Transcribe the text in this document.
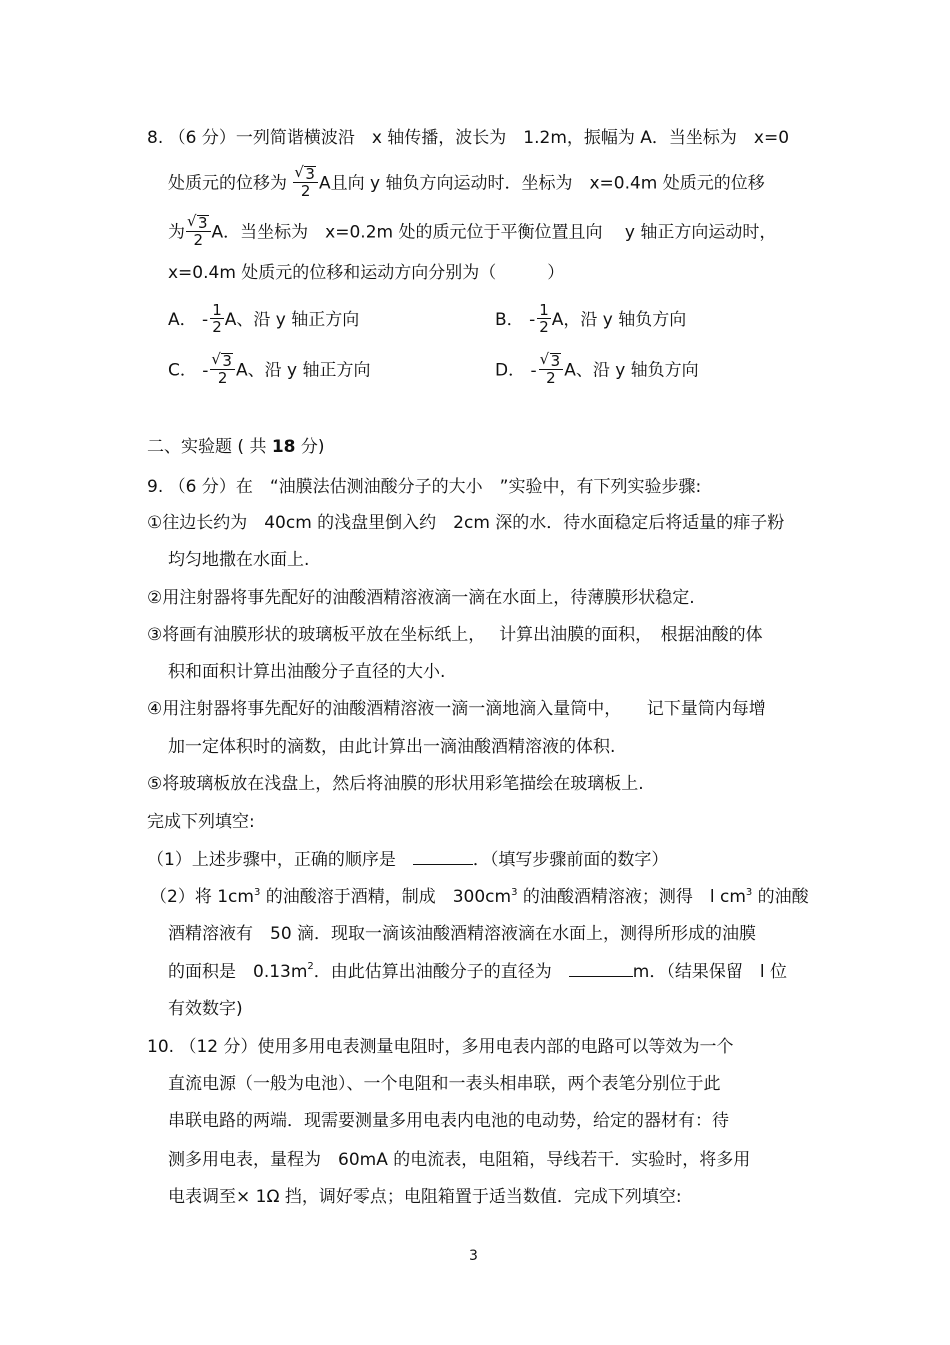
8. （6 分）一列简谐横波沿　x 轴传播，波长为　1.2m，振幅为 A．当坐标为　x=0
处质元的位移为 √ $\frac{3}{2}$ A且向 y 轴负方向运动时．坐标为　x=0.4m 处质元的位移
为 √ $\frac{3}{2}$ A．当坐标为　x=0.2m 处的质元位于平衡位置且向　 y 轴正方向运动时，
x=0.4m 处质元的位移和运动方向分别为（　　　）
A． - $\frac{1}{2}$ A、沿 y 轴正方向	B． - $\frac{1}{2}$ A，沿 y 轴负方向
C． - √ $\frac{3}{2}$ A、沿 y 轴正方向	D． - √ $\frac{3}{2}$ A、沿 y 轴负方向
二、实验题 ( 共 18 分)
9. （6 分）在　“油膜法估测油酸分子的大小　”实验中，有下列实验步骤:
①往边长约为　40cm 的浅盘里倒入约　2cm 深的水．待水面稳定后将适量的痱子粉
均匀地撒在水面上.
②用注射器将事先配好的油酸酒精溶液滴一滴在水面上，待薄膜形状稳定.
③将画有油膜形状的玻璃板平放在坐标纸上，　 计算出油膜的面积，　根据油酸的体
积和面积计算出油酸分子直径的大小.
④用注射器将事先配好的油酸酒精溶液一滴一滴地滴入量筒中，　　记下量筒内每增
加一定体积时的滴数，由此计算出一滴油酸酒精溶液的体积.
⑤将玻璃板放在浅盘上，然后将油膜的形状用彩笔描绘在玻璃板上.
完成下列填空:
（1）上述步骤中，正确的顺序是　	．（填写步骤前面的数字）
（2）将 $1cm^3$ 的油酸溶于酒精，制成　$300cm^3$ 的油酸酒精溶液；测得　l $cm^3$ 的油酸
酒精溶液有　50 滴．现取一滴该油酸酒精溶液滴在水面上，测得所形成的油膜
的面积是　$0.13m^2$．由此估算出油酸分子的直径为　	m．（结果保留　l 位
有效数字)
10. （12 分）使用多用电表测量电阻时，多用电表内部的电路可以等效为一个
直流电源（一般为电池）、一个电阻和一表头相串联，两个表笔分别位于此
串联电路的两端．现需要测量多用电表内电池的电动势，给定的器材有：待
测多用电表，量程为　60mA 的电流表，电阻箱，导线若干．实验时，将多用
电表调至× 1Ω 挡，调好零点；电阻箱置于适当数值．完成下列填空:
3
